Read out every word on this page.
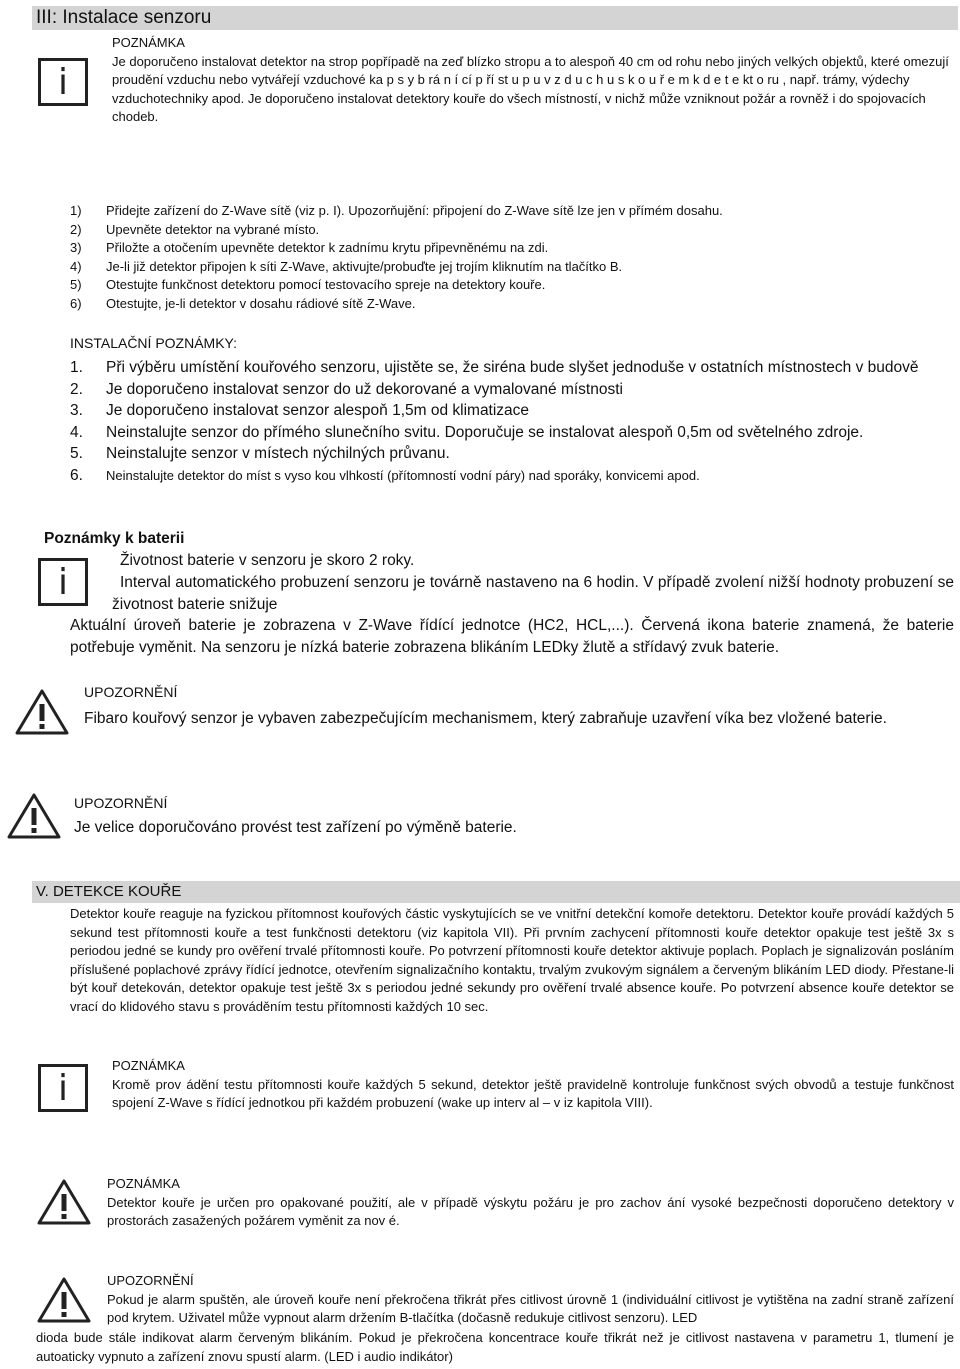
III: Instalace senzoru
i
POZNÁMKA
Je doporučeno instalovat detektor na strop popřípadě na zeď blízko stropu a to alespoň 40 cm od rohu nebo jiných velkých objektů, které omezují proudění vzduchu nebo vytvářejí vzduchové ka p s y b rá n í cí p ří st u p u v z d u c h u s k o u ř e m k d e t e kt o ru , např. trámy, výdechy vzduchotechniky apod. Je doporučeno instalovat detektory kouře do všech místností, v nichž může vzniknout požár a rovněž i do spojovacích chodeb.
1) Přidejte zařízení do Z-Wave sítě (viz p. I). Upozorňujění: připojení do Z-Wave sítě lze jen v přímém dosahu.
2) Upevněte detektor na vybrané místo.
3) Přiložte a otočením upevněte detektor k zadnímu krytu připevněnému na zdi.
4) Je-li již detektor připojen k síti Z-Wave, aktivujte/probuďte jej trojím kliknutím na tlačítko B.
5) Otestujte funkčnost detektoru pomocí testovacího spreje na detektory kouře.
6) Otestujte, je-li detektor v dosahu rádiové sítě Z-Wave.
INSTALAČNÍ POZNÁMKY:
1. Při výběru umístění kouřového senzoru, ujistěte se, že siréna bude slyšet jednoduše v ostatních místnostech v budově
2. Je doporučeno instalovat senzor do už dekorované a vymalované místnosti
3. Je doporučeno instalovat senzor alespoň 1,5m od klimatizace
4. Neinstalujte senzor do přímého slunečního svitu. Doporučuje se instalovat alespoň 0,5m od světelného zdroje.
5. Neinstalujte senzor v místech nýchilných průvanu.
6. Neinstalujte detektor do míst s vyso kou vlhkostí (přítomností vodní páry) nad sporáky, konvicemi apod.
Poznámky k baterii
i
Životnost baterie v senzoru je skoro 2 roky.
Interval automatického probuzení senzoru je továrně nastaveno na 6 hodin. V případě zvolení nižší hodnoty probuzení se životnost baterie snižuje
Aktuální úroveň baterie je zobrazena v Z-Wave řídící jednotce (HC2, HCL,...). Červená ikona baterie znamená, že baterie potřebuje vyměnit. Na senzoru je nízká baterie zobrazena blikáním LEDky žlutě a střídavý zvuk baterie.
UPOZORNĚNÍ
Fibaro kouřový senzor je vybaven zabezpečujícím mechanismem, který zabraňuje uzavření víka bez vložené baterie.
UPOZORNĚNÍ
Je velice doporučováno provést test zařízení po výměně baterie.
V. DETEKCE KOUŘE
Detektor kouře reaguje na fyzickou přítomnost kouřových částic vyskytujících se ve vnitřní detekční komoře detektoru. Detektor kouře provádí každých 5 sekund test přítomnosti kouře a test funkčnosti detektoru (viz kapitola VII). Při prvním zachycení přítomnosti kouře detektor opakuje test ještě 3x s periodou jedné se kundy pro ověření trvalé přítomnosti kouře. Po potvrzení přítomnosti kouře detektor aktivuje poplach. Poplach je signalizován posláním příslušené poplachové zprávy řídící jednotce, otevřením signalizačního kontaktu, trvalým zvukovým signálem a červeným blikáním LED diody. Přestane-li být kouř detekován, detektor opakuje test ještě 3x s periodou jedné sekundy pro ověření trvalé absence kouře. Po potvrzení absence kouře detektor se vrací do klidového stavu s prováděním testu přítomnosti každých 10 sec.
i
POZNÁMKA
Kromě prov ádění testu přítomnosti kouře každých 5 sekund, detektor ještě pravidelně kontroluje funkčnost svých obvodů a testuje funkčnost spojení Z-Wave s řídící jednotkou při každém probuzení (wake up interv al – v iz kapitola VIII).
POZNÁMKA
Detektor kouře je určen pro opakované použití, ale v případě výskytu požáru je pro zachov ání vysoké bezpečnosti doporučeno detektory v prostorách zasažených požárem vyměnit za nov é.
UPOZORNĚNÍ
Pokud je alarm spuštěn, ale úroveň kouře není překročena třikrát přes citlivost úrovně 1 (individuální citlivost je vytištěna na zadní straně zařízení pod krytem. Uživatel může vypnout alarm držením B-tlačítka (dočasně redukuje citlivost senzoru). LED
dioda bude stále indikovat alarm červeným blikáním. Pokud je překročena koncentrace kouře třikrát než je citlivost nastavena v parametru 1, tlumení je autoaticky vypnuto a zařízení znovu spustí alarm. (LED i audio indikátor)
